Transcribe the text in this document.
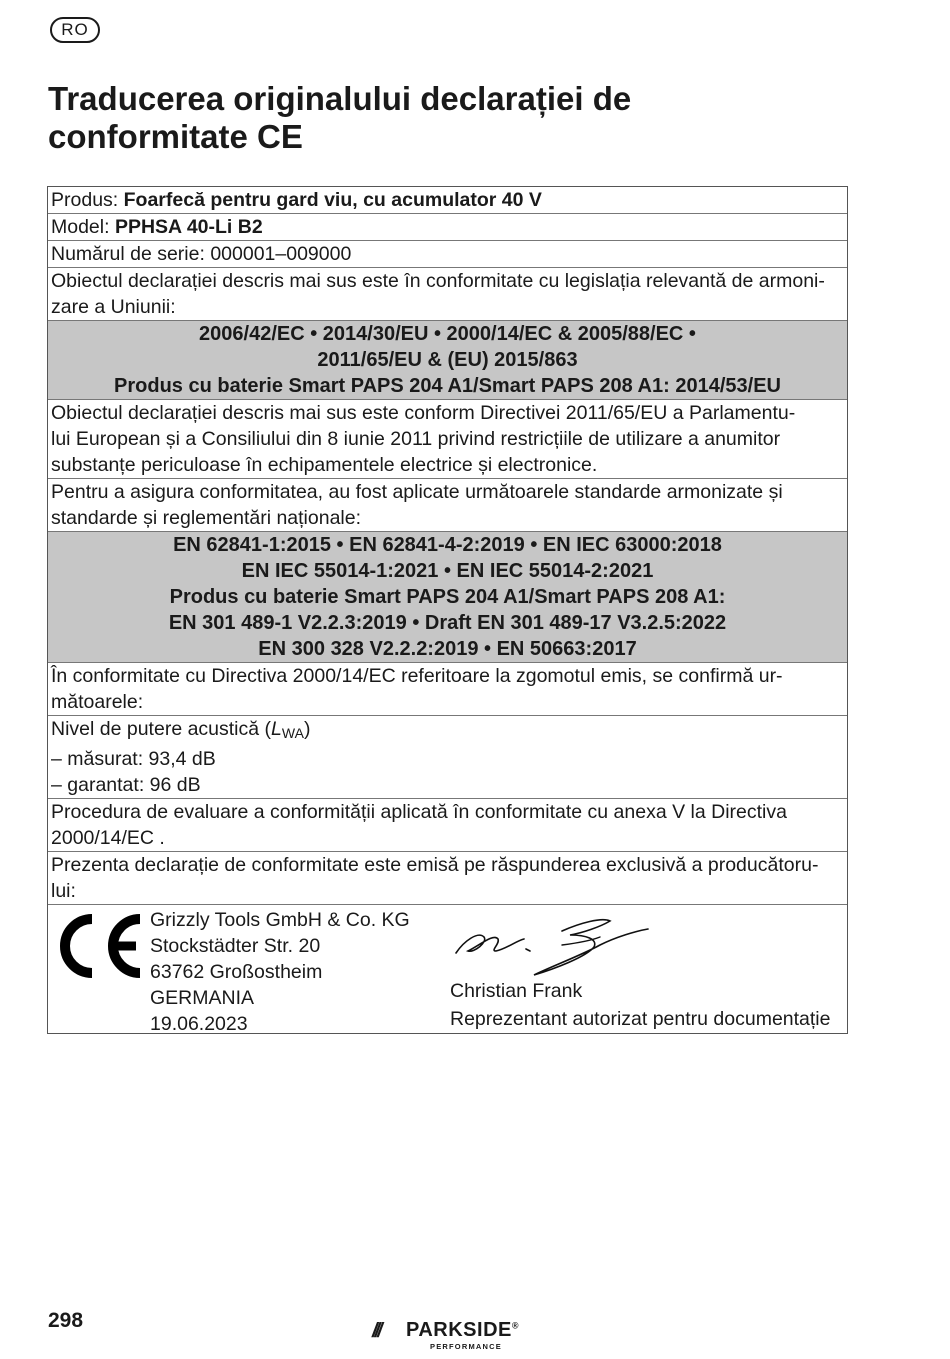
RO
Traducerea originalului declarației de
conformitate CE
Produs: Foarfecă pentru gard viu, cu acumulator 40 V
Model: PPHSA 40-Li B2
Numărul de serie: 000001–009000
Obiectul declarației descris mai sus este în conformitate cu legislația relevantă de armoni-
zare a Uniunii:
2006/42/EC • 2014/30/EU • 2000/14/EC & 2005/88/EC •
2011/65/EU & (EU) 2015/863
Produs cu baterie Smart PAPS 204 A1/Smart PAPS 208 A1: 2014/53/EU
Obiectul declarației descris mai sus este conform Directivei 2011/65/EU a Parlamentu-
lui European și a Consiliului din 8 iunie 2011 privind restricțiile de utilizare a anumitor
substanțe periculoase în echipamentele electrice și electronice.
Pentru a asigura conformitatea, au fost aplicate următoarele standarde armonizate și
standarde și reglementări naționale:
EN 62841-1:2015 • EN 62841-4-2:2019 • EN IEC 63000:2018
EN IEC 55014-1:2021 • EN IEC 55014-2:2021
Produs cu baterie Smart PAPS 204 A1/Smart PAPS 208 A1:
EN 301 489-1 V2.2.3:2019 • Draft EN 301 489-17 V3.2.5:2022
EN 300 328 V2.2.2:2019 • EN 50663:2017
În conformitate cu Directiva 2000/14/EC referitoare la zgomotul emis, se confirmă ur-
mătoarele:
Nivel de putere acustică $(L_{WA})$
– măsurat: 93,4 dB
– garantat: 96 dB
Procedura de evaluare a conformității aplicată în conformitate cu anexa V la Directiva
2000/14/EC .
Prezenta declarație de conformitate este emisă pe răspunderea exclusivă a producătoru-
lui:
Grizzly Tools GmbH & Co. KG
Stockstädter Str. 20
63762 Großostheim
GERMANIA
19.06.2023
Christian Frank
Reprezentant autorizat pentru documentație
298	/// PARKSIDE®
PERFORMANCE
